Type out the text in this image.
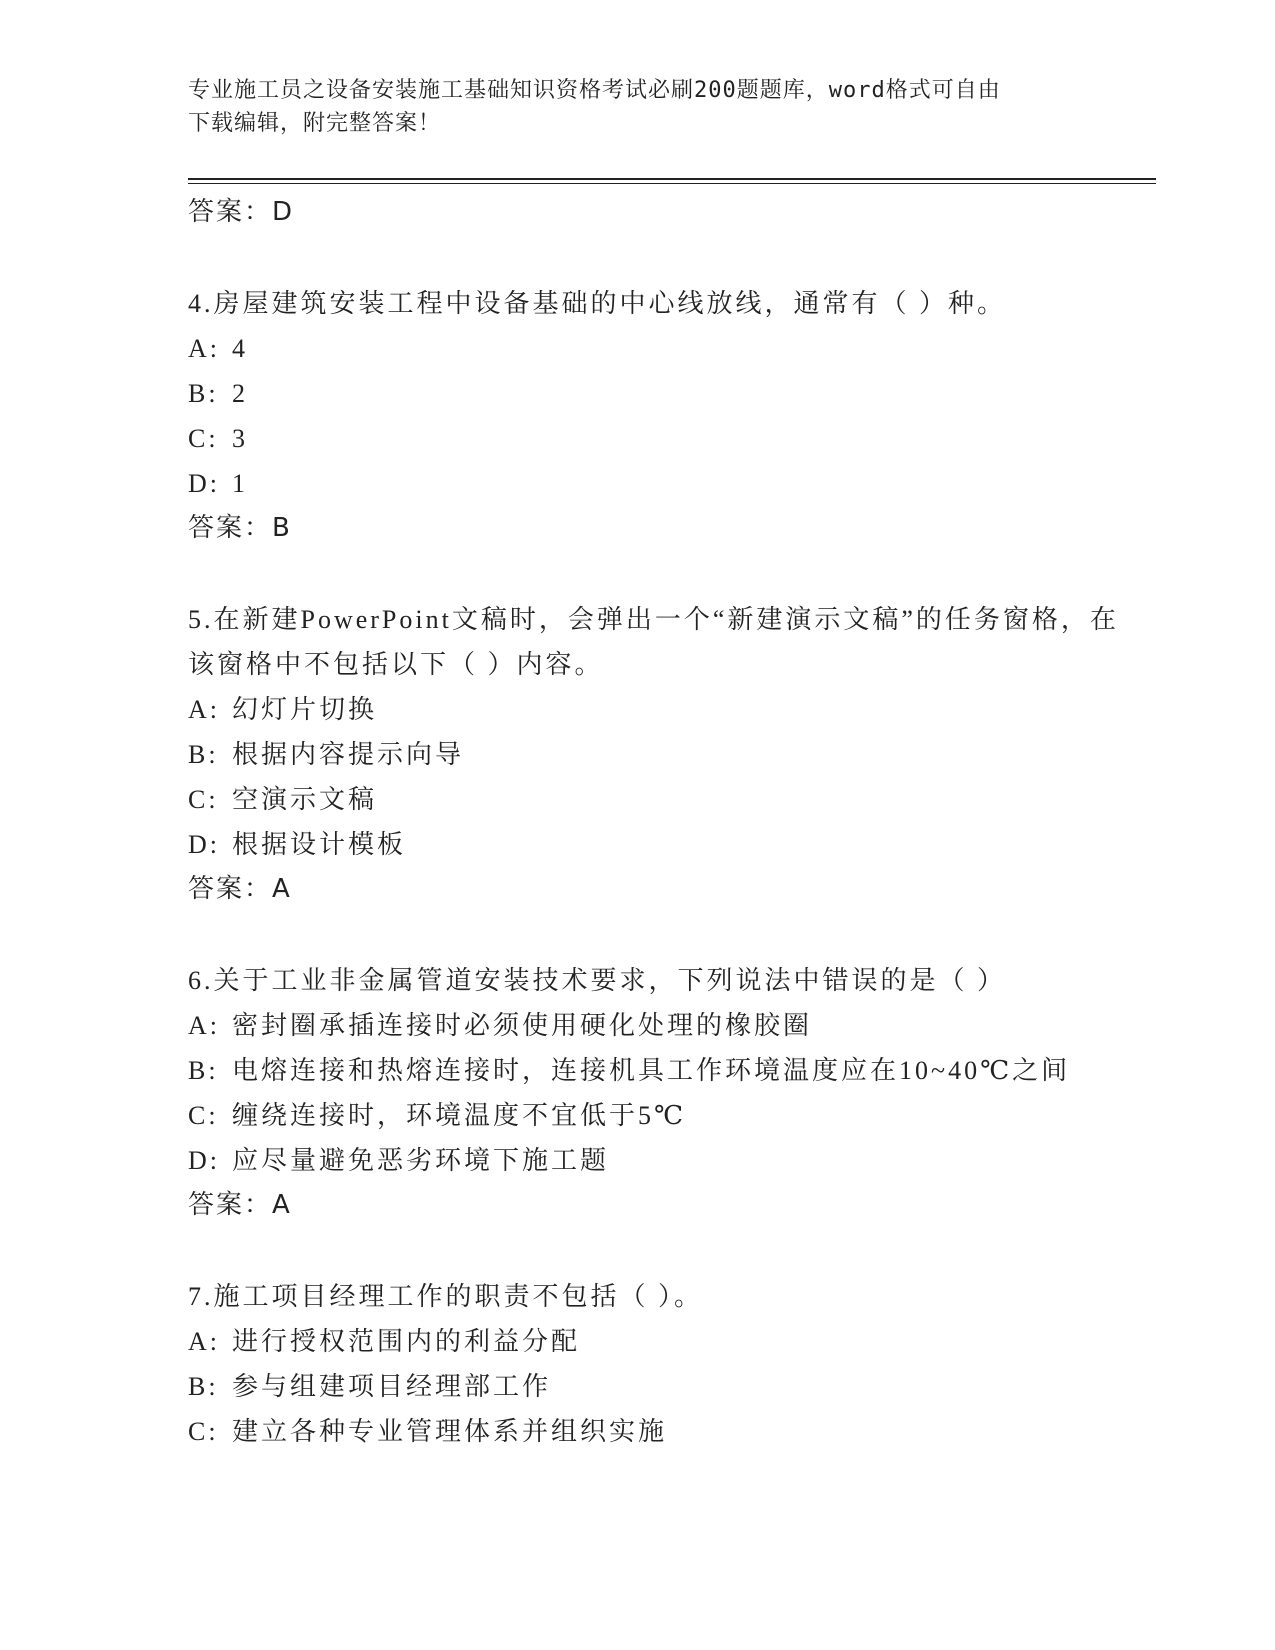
专业施工员之设备安装施工基础知识资格考试必刷200题题库，word格式可自由
下载编辑，附完整答案！
答案：D
4.房屋建筑安装工程中设备基础的中心线放线，通常有（ ）种。
A: 4
B: 2
C: 3
D: 1
答案：B
5.在新建PowerPoint文稿时，会弹出一个“新建演示文稿”的任务窗格，在该窗格中不包括以下（ ）内容。
A: 幻灯片切换
B: 根据内容提示向导
C: 空演示文稿
D: 根据设计模板
答案：A
6.关于工业非金属管道安装技术要求，下列说法中错误的是（ ）
A: 密封圈承插连接时必须使用硬化处理的橡胶圈
B: 电熔连接和热熔连接时，连接机具工作环境温度应在10~40℃之间
C: 缠绕连接时，环境温度不宜低于5℃
D: 应尽量避免恶劣环境下施工题
答案：A
7.施工项目经理工作的职责不包括（ ）。
A: 进行授权范围内的利益分配
B: 参与组建项目经理部工作
C: 建立各种专业管理体系并组织实施
